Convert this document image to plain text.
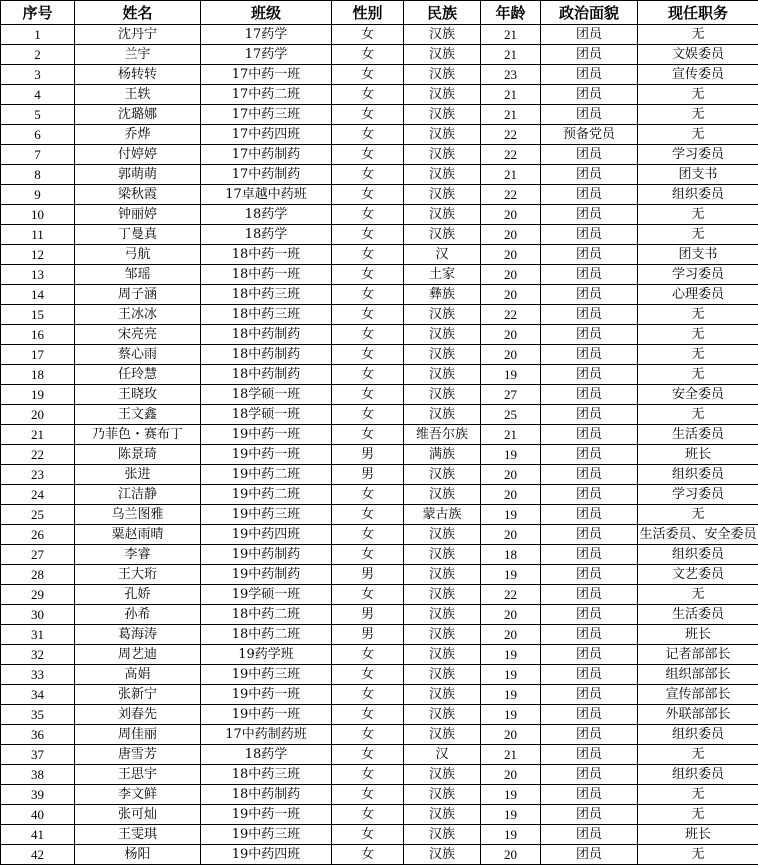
序号	姓名	班级	性别	民族	年龄	政治面貌	现任职务
1	沈丹宁	17药学	女	汉族	21	团员	无
2	兰宇	17药学	女	汉族	21	团员	文娱委员
3	杨转转	17中药一班	女	汉族	23	团员	宣传委员
4	王轶	17中药二班	女	汉族	21	团员	无
5	沈璐娜	17中药三班	女	汉族	21	团员	无
6	乔烨	17中药四班	女	汉族	22	预备党员	无
7	付婷婷	17中药制药	女	汉族	22	团员	学习委员
8	郭萌萌	17中药制药	女	汉族	21	团员	团支书
9	梁秋霞	17卓越中药班	女	汉族	22	团员	组织委员
10	钟丽婷	18药学	女	汉族	20	团员	无
11	丁曼真	18药学	女	汉族	20	团员	无
12	弓航	18中药一班	女	汉	20	团员	团支书
13	邹瑶	18中药一班	女	土家	20	团员	学习委员
14	周子涵	18中药三班	女	彝族	20	团员	心理委员
15	王冰冰	18中药三班	女	汉族	22	团员	无
16	宋亮亮	18中药制药	女	汉族	20	团员	无
17	蔡心雨	18中药制药	女	汉族	20	团员	无
18	任玲慧	18中药制药	女	汉族	19	团员	无
19	王晓玫	18学硕一班	女	汉族	27	团员	安全委员
20	王文鑫	18学硕一班	女	汉族	25	团员	无
21	乃菲色・赛布丁	19中药一班	女	维吾尔族	21	团员	生活委员
22	陈景琦	19中药一班	男	满族	19	团员	班长
23	张进	19中药二班	男	汉族	20	团员	组织委员
24	江洁静	19中药二班	女	汉族	20	团员	学习委员
25	乌兰图雅	19中药三班	女	蒙古族	19	团员	无
26	粟赵雨晴	19中药四班	女	汉族	20	团员	生活委员、安全委员
27	李睿	19中药制药	女	汉族	18	团员	组织委员
28	王大珩	19中药制药	男	汉族	19	团员	文艺委员
29	孔娇	19学硕一班	女	汉族	22	团员	无
30	孙希	18中药二班	男	汉族	20	团员	生活委员
31	葛海涛	18中药二班	男	汉族	20	团员	班长
32	周艺迪	19药学班	女	汉族	19	团员	记者部部长
33	高娟	19中药三班	女	汉族	19	团员	组织部部长
34	张新宁	19中药一班	女	汉族	19	团员	宣传部部长
35	刘春先	19中药一班	女	汉族	19	团员	外联部部长
36	周佳丽	17中药制药班	女	汉族	20	团员	组织委员
37	唐雪芳	18药学	女	汉	21	团员	无
38	王思宇	18中药三班	女	汉族	20	团员	组织委员
39	李文鲜	18中药制药	女	汉族	19	团员	无
40	张可灿	19中药一班	女	汉族	19	团员	无
41	王雯琪	19中药三班	女	汉族	19	团员	班长
42	杨阳	19中药四班	女	汉族	20	团员	无
